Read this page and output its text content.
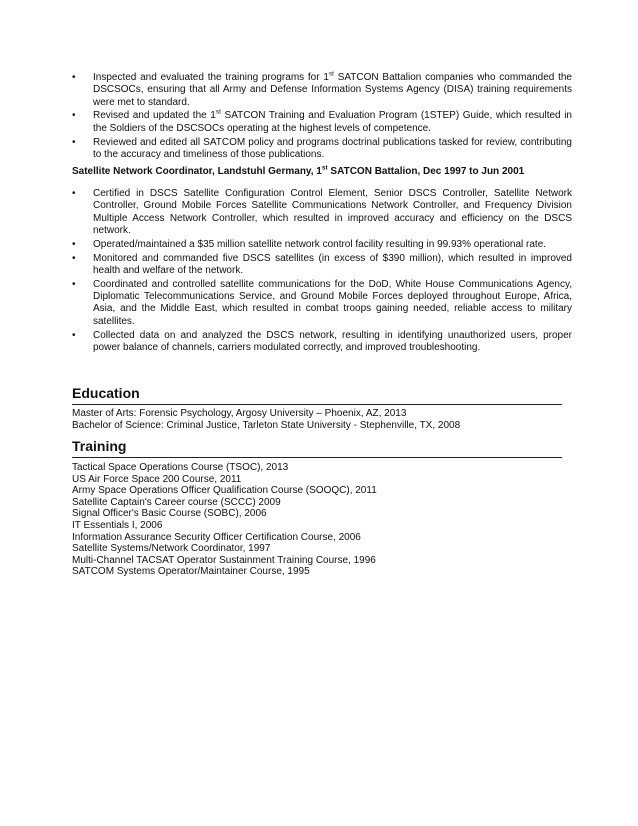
• Inspected and evaluated the training programs for 1st SATCON Battalion companies who commanded the DSCSOCs, ensuring that all Army and Defense Information Systems Agency (DISA) training requirements were met to standard.
• Revised and updated the 1st SATCON Training and Evaluation Program (1STEP) Guide, which resulted in the Soldiers of the DSCSOCs operating at the highest levels of competence.
• Reviewed and edited all SATCOM policy and programs doctrinal publications tasked for review, contributing to the accuracy and timeliness of those publications.
Satellite Network Coordinator, Landstuhl Germany, 1st SATCON Battalion, Dec 1997 to Jun 2001
• Certified in DSCS Satellite Configuration Control Element, Senior DSCS Controller, Satellite Network Controller, Ground Mobile Forces Satellite Communications Network Controller, and Frequency Division Multiple Access Network Controller, which resulted in improved accuracy and efficiency on the DSCS network.
• Operated/maintained a $35 million satellite network control facility resulting in 99.93% operational rate.
• Monitored and commanded five DSCS satellites (in excess of $390 million), which resulted in improved health and welfare of the network.
• Coordinated and controlled satellite communications for the DoD, White House Communications Agency, Diplomatic Telecommunications Service, and Ground Mobile Forces deployed throughout Europe, Africa, Asia, and the Middle East, which resulted in combat troops gaining needed, reliable access to military satellites.
• Collected data on and analyzed the DSCS network, resulting in identifying unauthorized users, proper power balance of channels, carriers modulated correctly, and improved troubleshooting.
Education
Master of Arts: Forensic Psychology, Argosy University – Phoenix, AZ, 2013
Bachelor of Science: Criminal Justice, Tarleton State University - Stephenville, TX, 2008
Training
Tactical Space Operations Course (TSOC), 2013
US Air Force Space 200 Course, 2011
Army Space Operations Officer Qualification Course (SOOQC), 2011
Satellite Captain's Career course (SCCC) 2009
Signal Officer's Basic Course (SOBC), 2006
IT Essentials I, 2006
Information Assurance Security Officer Certification Course, 2006
Satellite Systems/Network Coordinator, 1997
Multi-Channel TACSAT Operator Sustainment Training Course, 1996
SATCOM Systems Operator/Maintainer Course, 1995
